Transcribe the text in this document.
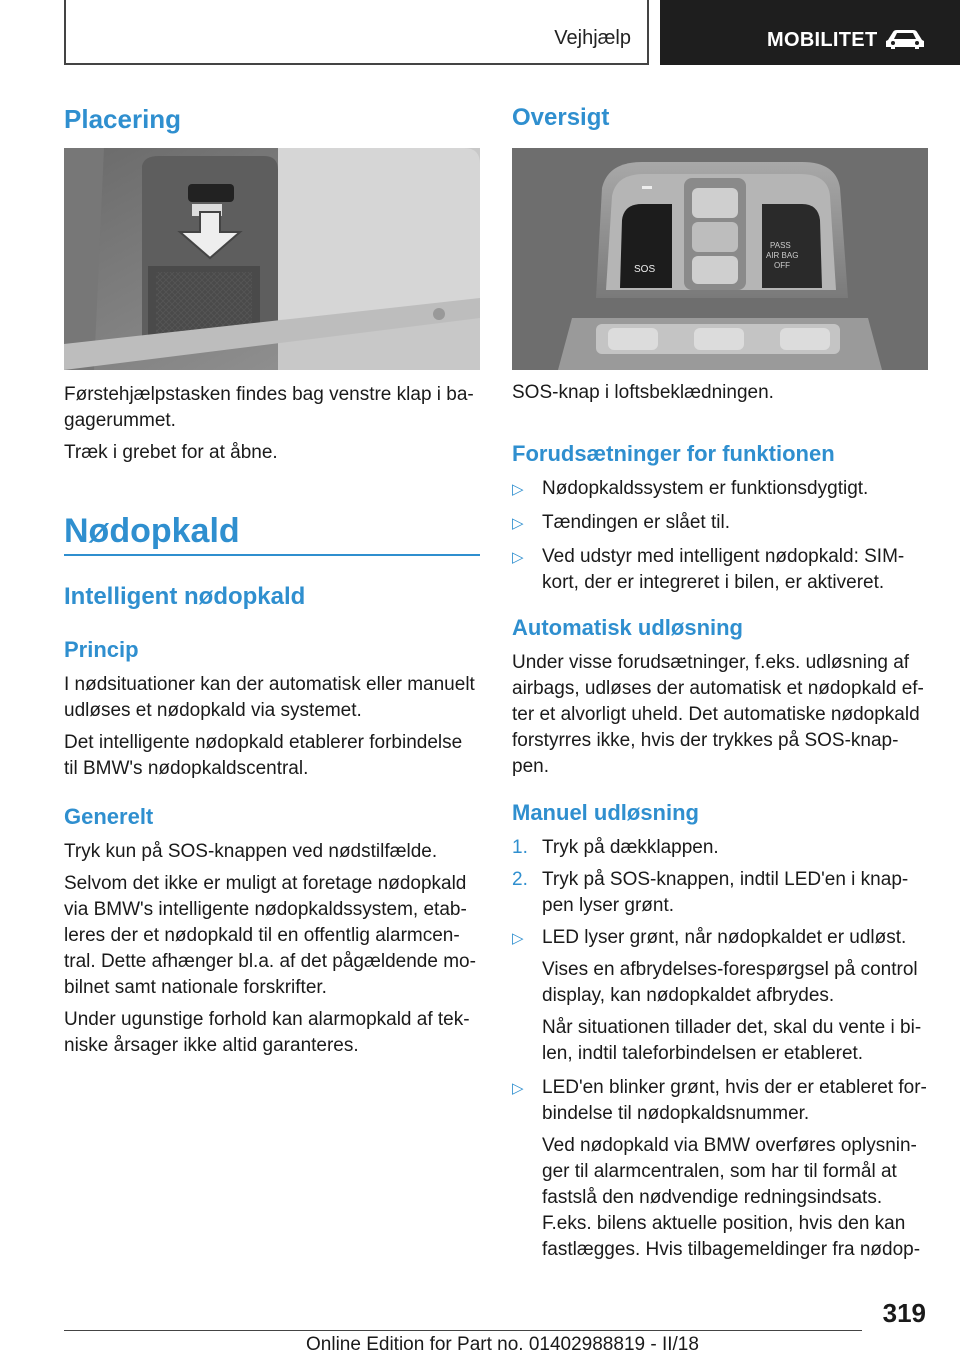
Vejhjælp	MOBILITET
Placering
Førstehjælpstasken findes bag venstre klap i ba‐
gagerummet.
Træk i grebet for at åbne.
Nødopkald
Intelligent nødopkald
Princip
I nødsituationer kan der automatisk eller manuelt
udløses et nødopkald via systemet.
Det intelligente nødopkald etablerer forbindelse
til BMW's nødopkaldscentral.
Generelt
Tryk kun på SOS-knappen ved nødstilfælde.
Selvom det ikke er muligt at foretage nødopkald
via BMW's intelligente nødopkaldssystem, etab‐
leres der et nødopkald til en offentlig alarmcen‐
tral. Dette afhænger bl.a. af det pågældende mo‐
bilnet samt nationale forskrifter.
Under ugunstige forhold kan alarmopkald af tek‐
niske årsager ikke altid garanteres.
Oversigt
SOS
PASS
AIR BAG
OFF
SOS-knap i loftsbeklædningen.
Forudsætninger for funktionen
▷ Nødopkaldssystem er funktionsdygtigt.
▷ Tændingen er slået til.
▷ Ved udstyr med intelligent nødopkald: SIM-
kort, der er integreret i bilen, er aktiveret.
Automatisk udløsning
Under visse forudsætninger, f.eks. udløsning af
airbags, udløses der automatisk et nødopkald ef‐
ter et alvorligt uheld. Det automatiske nødopkald
forstyrres ikke, hvis der trykkes på SOS-knap‐
pen.
Manuel udløsning
1. Tryk på dækklappen.
2. Tryk på SOS-knappen, indtil LED'en i knap‐
pen lyser grønt.
▷ LED lyser grønt, når nødopkaldet er udløst.
Vises en afbrydelses-forespørgsel på control
display, kan nødopkaldet afbrydes.
Når situationen tillader det, skal du vente i bi‐
len, indtil taleforbindelsen er etableret.
▷ LED'en blinker grønt, hvis der er etableret for‐
bindelse til nødopkaldsnummer.
Ved nødopkald via BMW overføres oplysnin‐
ger til alarmcentralen, som har til formål at
fastslå den nødvendige redningsindsats.
F.eks. bilens aktuelle position, hvis den kan
fastlægges. Hvis tilbagemeldinger fra nødop‐
319
Online Edition for Part no. 01402988819 - II/18
